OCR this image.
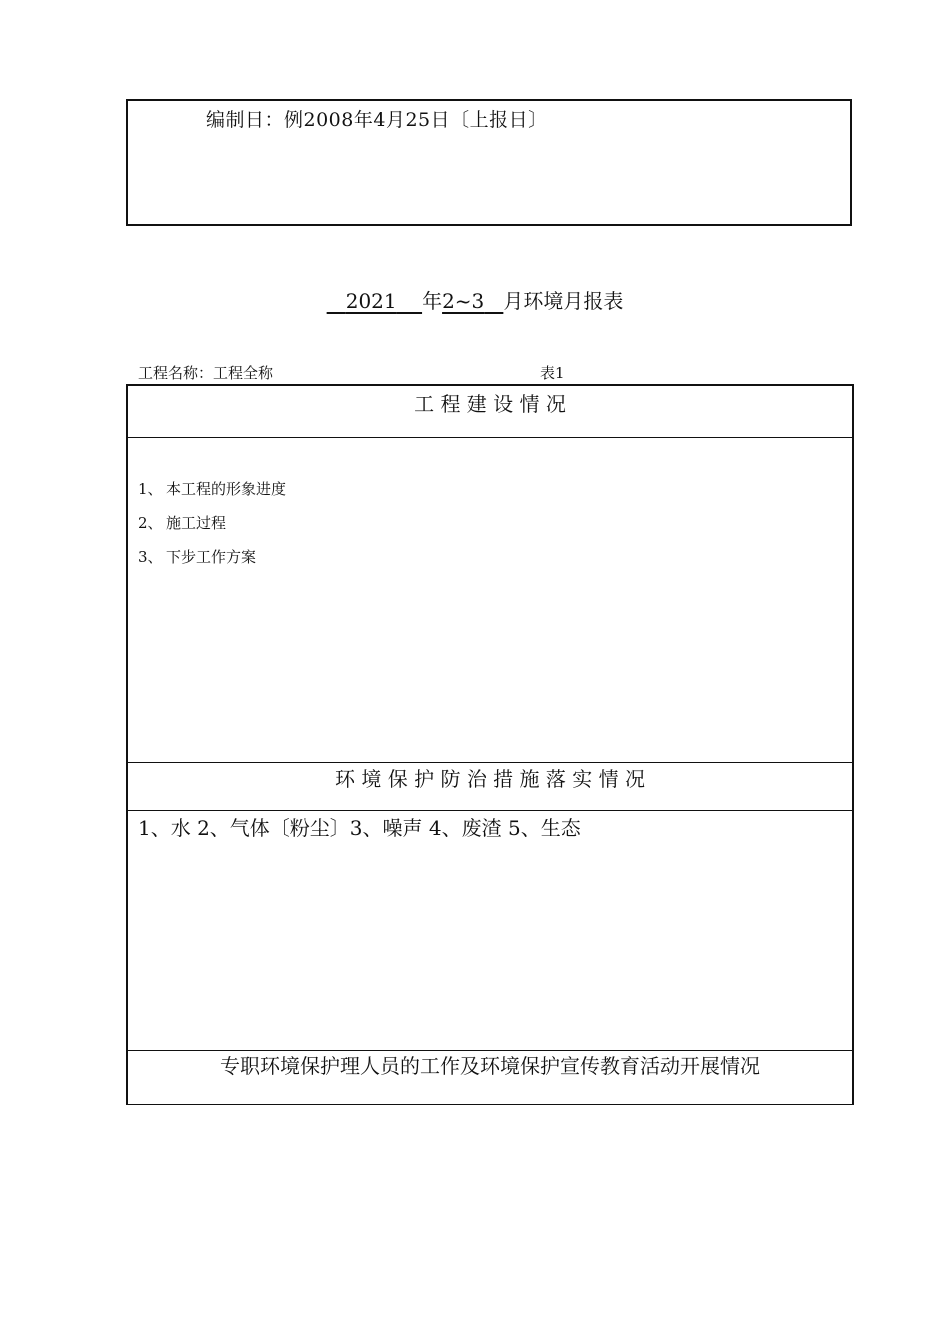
编制日：例2008年4月25日〔上报日〕
2021 年2~3 月环境月报表
工程名称：工程全称	表1
工 程 建 设 情 况
1、 本工程的形象进度
2、 施工过程
3、 下步工作方案
环 境 保 护 防 治 措 施 落 实 情 况
1、水 2、气体〔粉尘〕3、噪声 4、废渣 5、生态
专职环境保护理人员的工作及环境保护宣传教育活动开展情况
